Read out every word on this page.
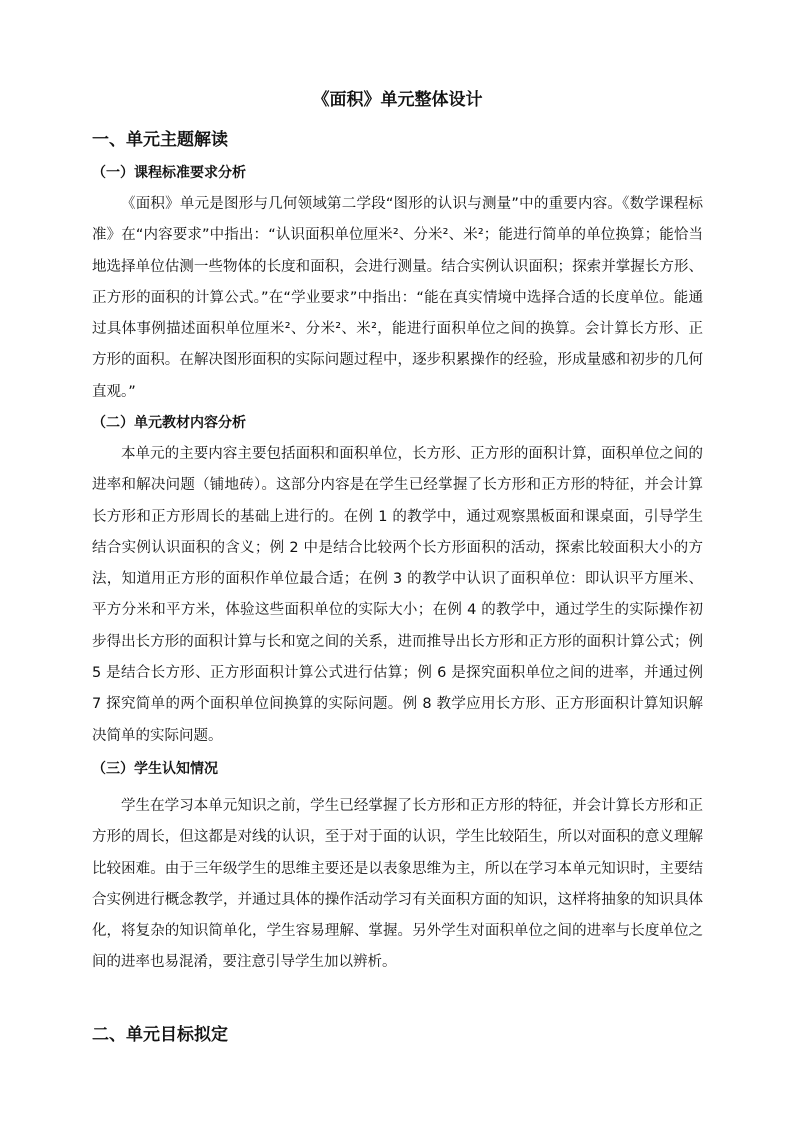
《面积》单元整体设计
一、单元主题解读
（一）课程标准要求分析
《面积》单元是图形与几何领域第二学段“图形的认识与测量”中的重要内容。《数学课程标准》在“内容要求”中指出：“认识面积单位厘米²、分米²、米²；能进行简单的单位换算；能恰当地选择单位估测一些物体的长度和面积，会进行测量。结合实例认识面积；探索并掌握长方形、正方形的面积的计算公式。”在“学业要求”中指出：“能在真实情境中选择合适的长度单位。能通过具体事例描述面积单位厘米²、分米²、米²，能进行面积单位之间的换算。会计算长方形、正方形的面积。在解决图形面积的实际问题过程中，逐步积累操作的经验，形成量感和初步的几何直观。”
（二）单元教材内容分析
本单元的主要内容主要包括面积和面积单位，长方形、正方形的面积计算，面积单位之间的进率和解决问题（铺地砖）。这部分内容是在学生已经掌握了长方形和正方形的特征，并会计算长方形和正方形周长的基础上进行的。在例 1 的教学中，通过观察黑板面和课桌面，引导学生结合实例认识面积的含义；例 2 中是结合比较两个长方形面积的活动，探索比较面积大小的方法，知道用正方形的面积作单位最合适；在例 3 的教学中认识了面积单位：即认识平方厘米、平方分米和平方米，体验这些面积单位的实际大小；在例 4 的教学中，通过学生的实际操作初步得出长方形的面积计算与长和宽之间的关系，进而推导出长方形和正方形的面积计算公式；例 5 是结合长方形、正方形面积计算公式进行估算；例 6 是探究面积单位之间的进率，并通过例 7 探究简单的两个面积单位间换算的实际问题。例 8 教学应用长方形、正方形面积计算知识解决简单的实际问题。
（三）学生认知情况
学生在学习本单元知识之前，学生已经掌握了长方形和正方形的特征，并会计算长方形和正方形的周长，但这都是对线的认识，至于对于面的认识，学生比较陌生，所以对面积的意义理解比较困难。由于三年级学生的思维主要还是以表象思维为主，所以在学习本单元知识时，主要结合实例进行概念教学，并通过具体的操作活动学习有关面积方面的知识，这样将抽象的知识具体化，将复杂的知识简单化，学生容易理解、掌握。另外学生对面积单位之间的进率与长度单位之间的进率也易混淆，要注意引导学生加以辨析。
二、单元目标拟定
